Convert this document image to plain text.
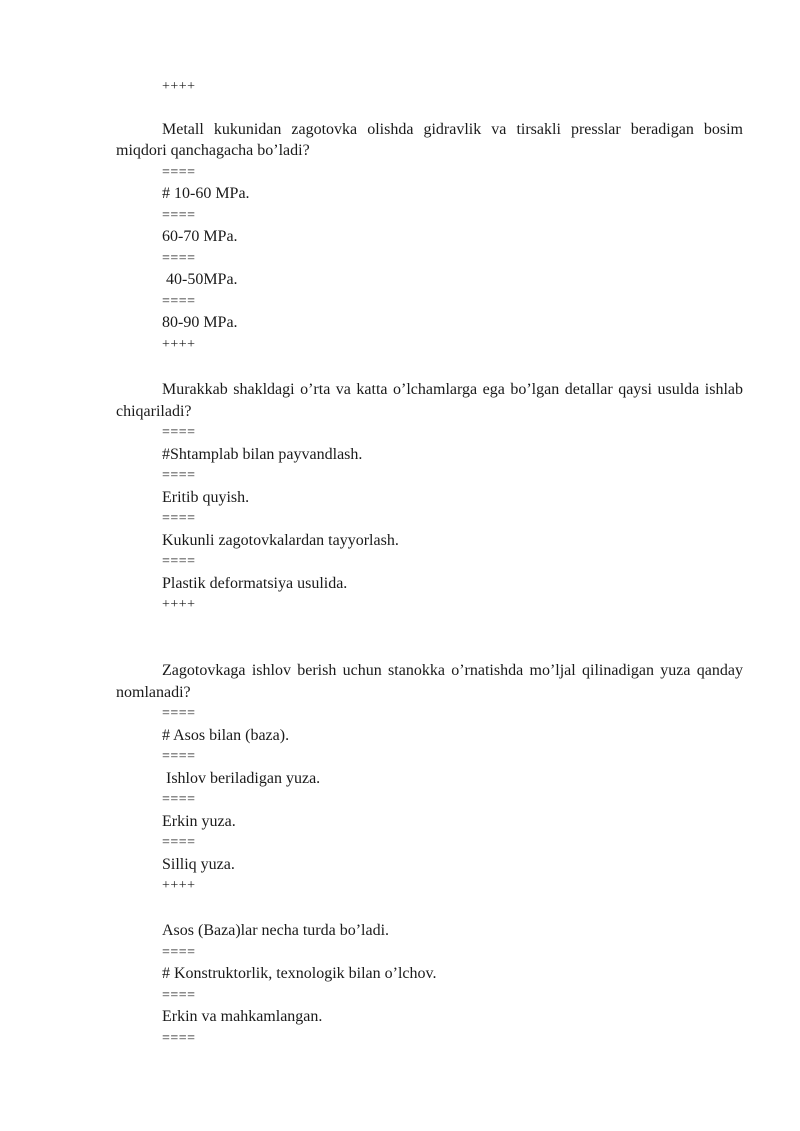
++++
Metall kukunidan zagotovka olishda gidravlik va tirsakli presslar beradigan bosim miqdori qanchagacha bo’ladi?
====
# 10-60 MPa.
====
60-70 MPa.
====
40-50MPa.
====
80-90 MPa.
++++
Murakkab shakldagi o’rta va katta o’lchamlarga ega bo’lgan detallar qaysi usulda ishlab chiqariladi?
====
#Shtamplab bilan payvandlash.
====
Eritib quyish.
====
Kukunli zagotovkalardan tayyorlash.
====
Plastik deformatsiya usulida.
++++
Zagotovkaga ishlov berish uchun stanokka o’rnatishda mo’ljal qilinadigan yuza qanday nomlanadi?
====
# Asos bilan (baza).
====
Ishlov beriladigan yuza.
====
Erkin yuza.
====
Silliq yuza.
++++
Asos (Baza)lar necha turda bo’ladi.
====
# Konstruktorlik, texnologik bilan o’lchov.
====
Erkin va mahkamlangan.
====
